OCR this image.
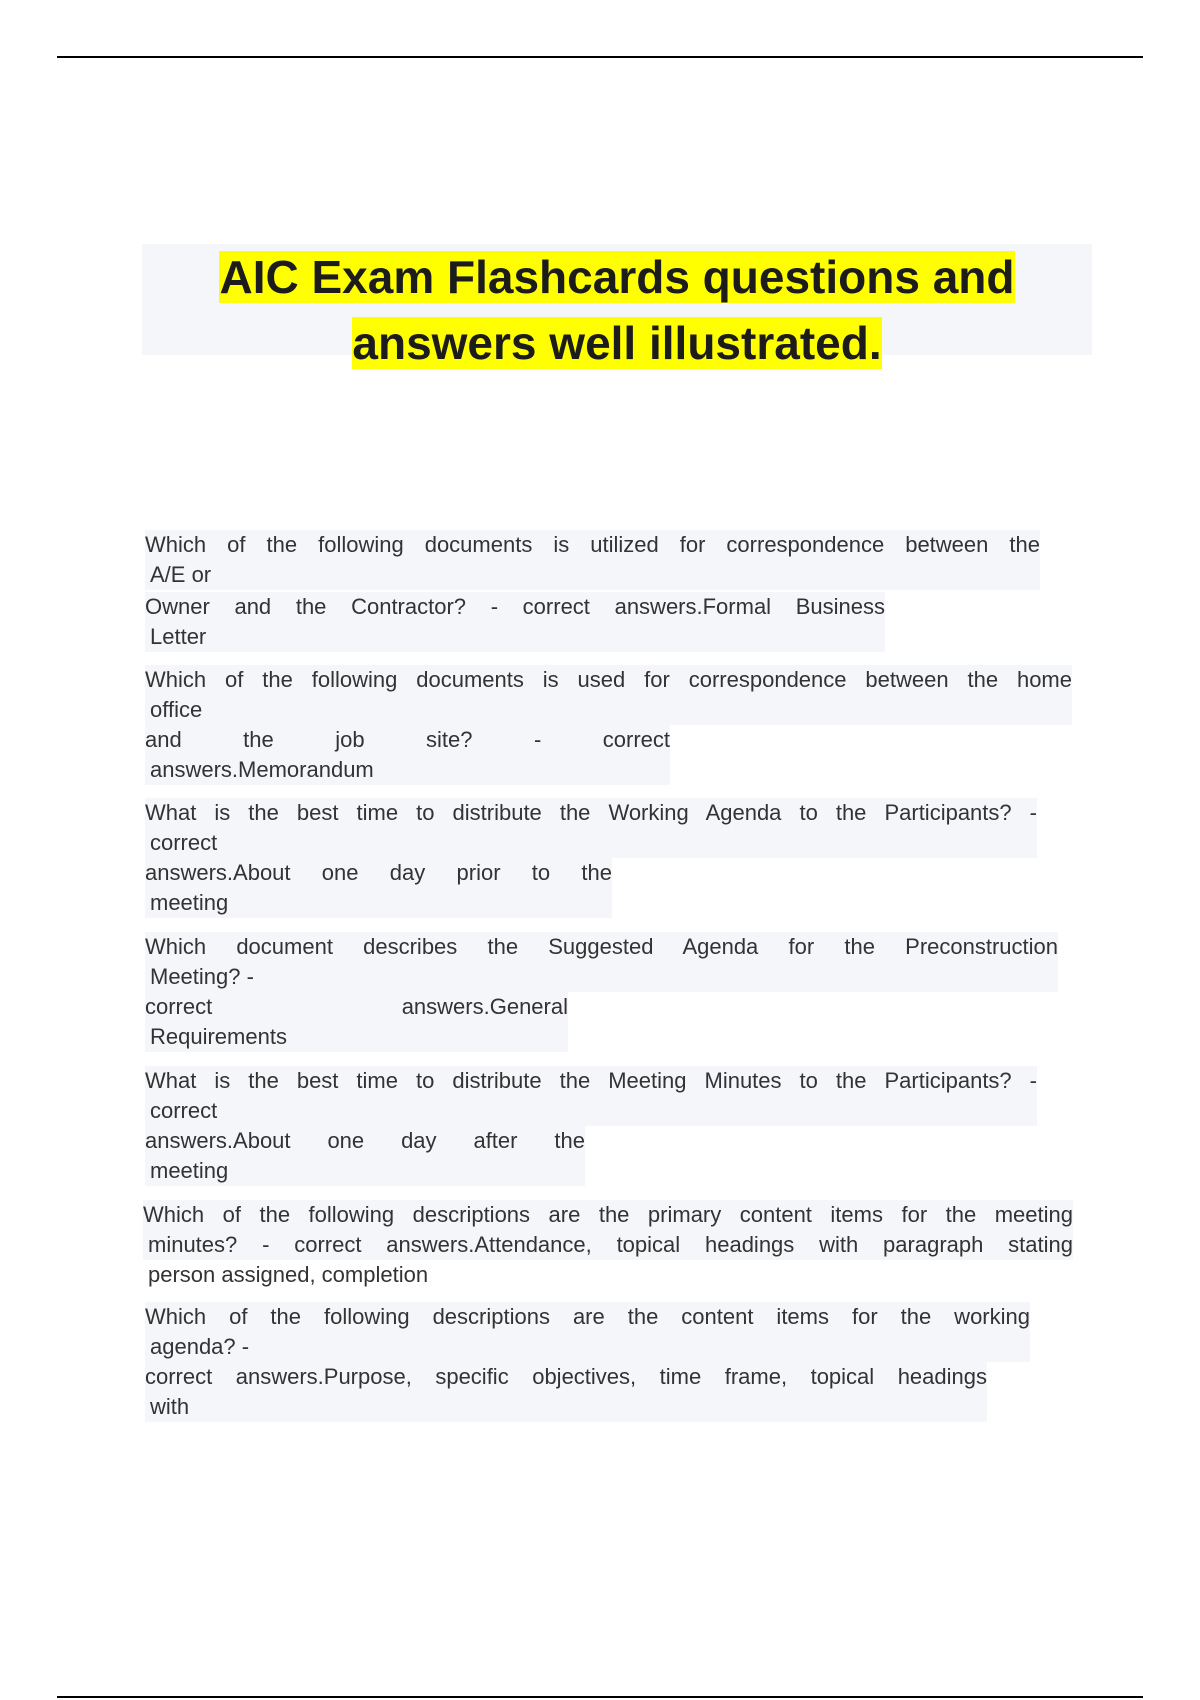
AIC Exam Flashcards questions and
answers well illustrated.
Which of the following documents is utilized for correspondence between the
A/E or
Owner and the Contractor? - correct answers.Formal Business
Letter
Which of the following documents is used for correspondence between the home
office
and the job site? - correct
answers.Memorandum
What is the best time to distribute the Working Agenda to the Participants? -
correct
answers.About one day prior to the
meeting
Which document describes the Suggested Agenda for the Preconstruction
Meeting? -
correct answers.General
Requirements
What is the best time to distribute the Meeting Minutes to the Participants? -
correct
answers.About one day after the
meeting
Which of the following descriptions are the primary content items for the meeting
minutes? - correct answers.Attendance, topical headings with paragraph stating
person assigned, completion
Which of the following descriptions are the content items for the working
agenda? -
correct answers.Purpose, specific objectives, time frame, topical headings
with
